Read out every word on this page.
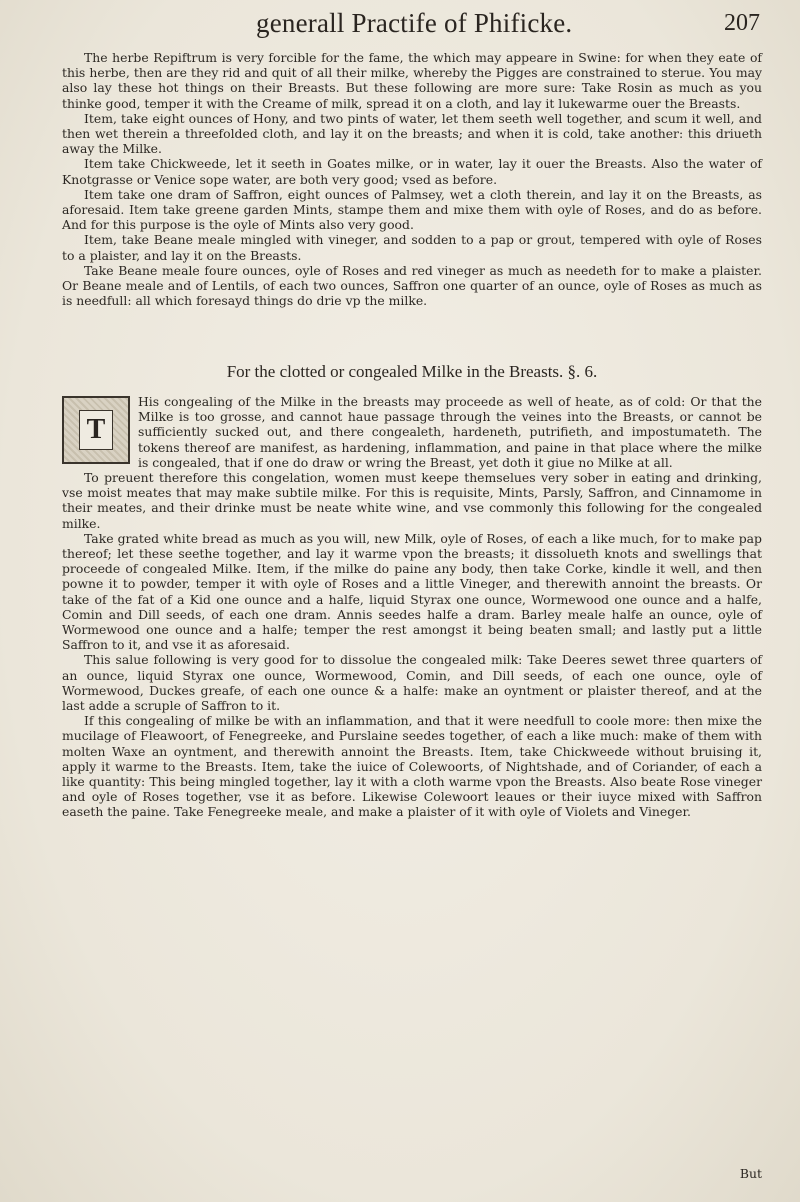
generall Practife of Phificke.	207

The herbe Repiftrum is very forcible for the fame, the which may appeare in Swine: for when they eate of this herbe, then are they rid and quit of all their milke, whereby the Pigges are constrained to sterue. You may also lay these hot things on their Breasts. But these following are more sure: Take Rosin as much as you thinke good, temper it with the Creame of milk, spread it on a cloth, and lay it lukewarme ouer the Breasts.

Item, take eight ounces of Hony, and two pints of water, let them seeth well together, and scum it well, and then wet therein a threefolded cloth, and lay it on the breasts; and when it is cold, take another: this driueth away the Milke.

Item take Chickweede, let it seeth in Goates milke, or in water, lay it ouer the Breasts. Also the water of Knotgrasse or Venice sope water, are both very good; vsed as before.

Item take one dram of Saffron, eight ounces of Palmsey, wet a cloth therein, and lay it on the Breasts, as aforesaid. Item take greene garden Mints, stampe them and mixe them with oyle of Roses, and do as before. And for this purpose is the oyle of Mints also very good.

Item, take Beane meale mingled with vineger, and sodden to a pap or grout, tempered with oyle of Roses to a plaister, and lay it on the Breasts.

Take Beane meale foure ounces, oyle of Roses and red vineger as much as needeth for to make a plaister. Or Beane meale and of Lentils, of each two ounces, Saffron one quarter of an ounce, oyle of Roses as much as is needfull: all which foresayd things do drie vp the milke.

For the clotted or congealed Milke in the Breasts. §. 6.
T

His congealing of the Milke in the breasts may proceede as well of heate, as of cold: Or that the Milke is too grosse, and cannot haue passage through the veines into the Breasts, or cannot be sufficiently sucked out, and there congealeth, hardeneth, putrifieth, and impostumateth. The tokens thereof are manifest, as hardening, inflammation, and paine in that place where the milke is congealed, that if one do draw or wring the Breast, yet doth it giue no Milke at all.

To preuent therefore this congelation, women must keepe themselues very sober in eating and drinking, vse moist meates that may make subtile milke. For this is requisite, Mints, Parsly, Saffron, and Cinnamome in their meates, and their drinke must be neate white wine, and vse commonly this following for the congealed milke.

Take grated white bread as much as you will, new Milk, oyle of Roses, of each a like much, for to make pap thereof; let these seethe together, and lay it warme vpon the breasts; it dissolueth knots and swellings that proceede of congealed Milke. Item, if the milke do paine any body, then take Corke, kindle it well, and then powne it to powder, temper it with oyle of Roses and a little Vineger, and therewith annoint the breasts. Or take of the fat of a Kid one ounce and a halfe, liquid Styrax one ounce, Wormewood one ounce and a halfe, Comin and Dill seeds, of each one dram. Annis seedes halfe a dram. Barley meale halfe an ounce, oyle of Wormewood one ounce and a halfe; temper the rest amongst it being beaten small; and lastly put a little Saffron to it, and vse it as aforesaid.

This salue following is very good for to dissolue the congealed milk: Take Deeres sewet three quarters of an ounce, liquid Styrax one ounce, Wormewood, Comin, and Dill seeds, of each one ounce, oyle of Wormewood, Duckes greafe, of each one ounce & a halfe: make an oyntment or plaister thereof, and at the last adde a scruple of Saffron to it.

If this congealing of milke be with an inflammation, and that it were needfull to coole more: then mixe the mucilage of Fleawoort, of Fenegreeke, and Purslaine seedes together, of each a like much: make of them with molten Waxe an oyntment, and therewith annoint the Breasts. Item, take Chickweede without bruising it, apply it warme to the Breasts. Item, take the iuice of Colewoorts, of Nightshade, and of Coriander, of each a like quantity: This being mingled together, lay it with a cloth warme vpon the Breasts. Also beate Rose vineger and oyle of Roses together, vse it as before. Likewise Colewoort leaues or their iuyce mixed with Saffron easeth the paine. Take Fenegreeke meale, and make a plaister of it with oyle of Violets and Vineger.

But
